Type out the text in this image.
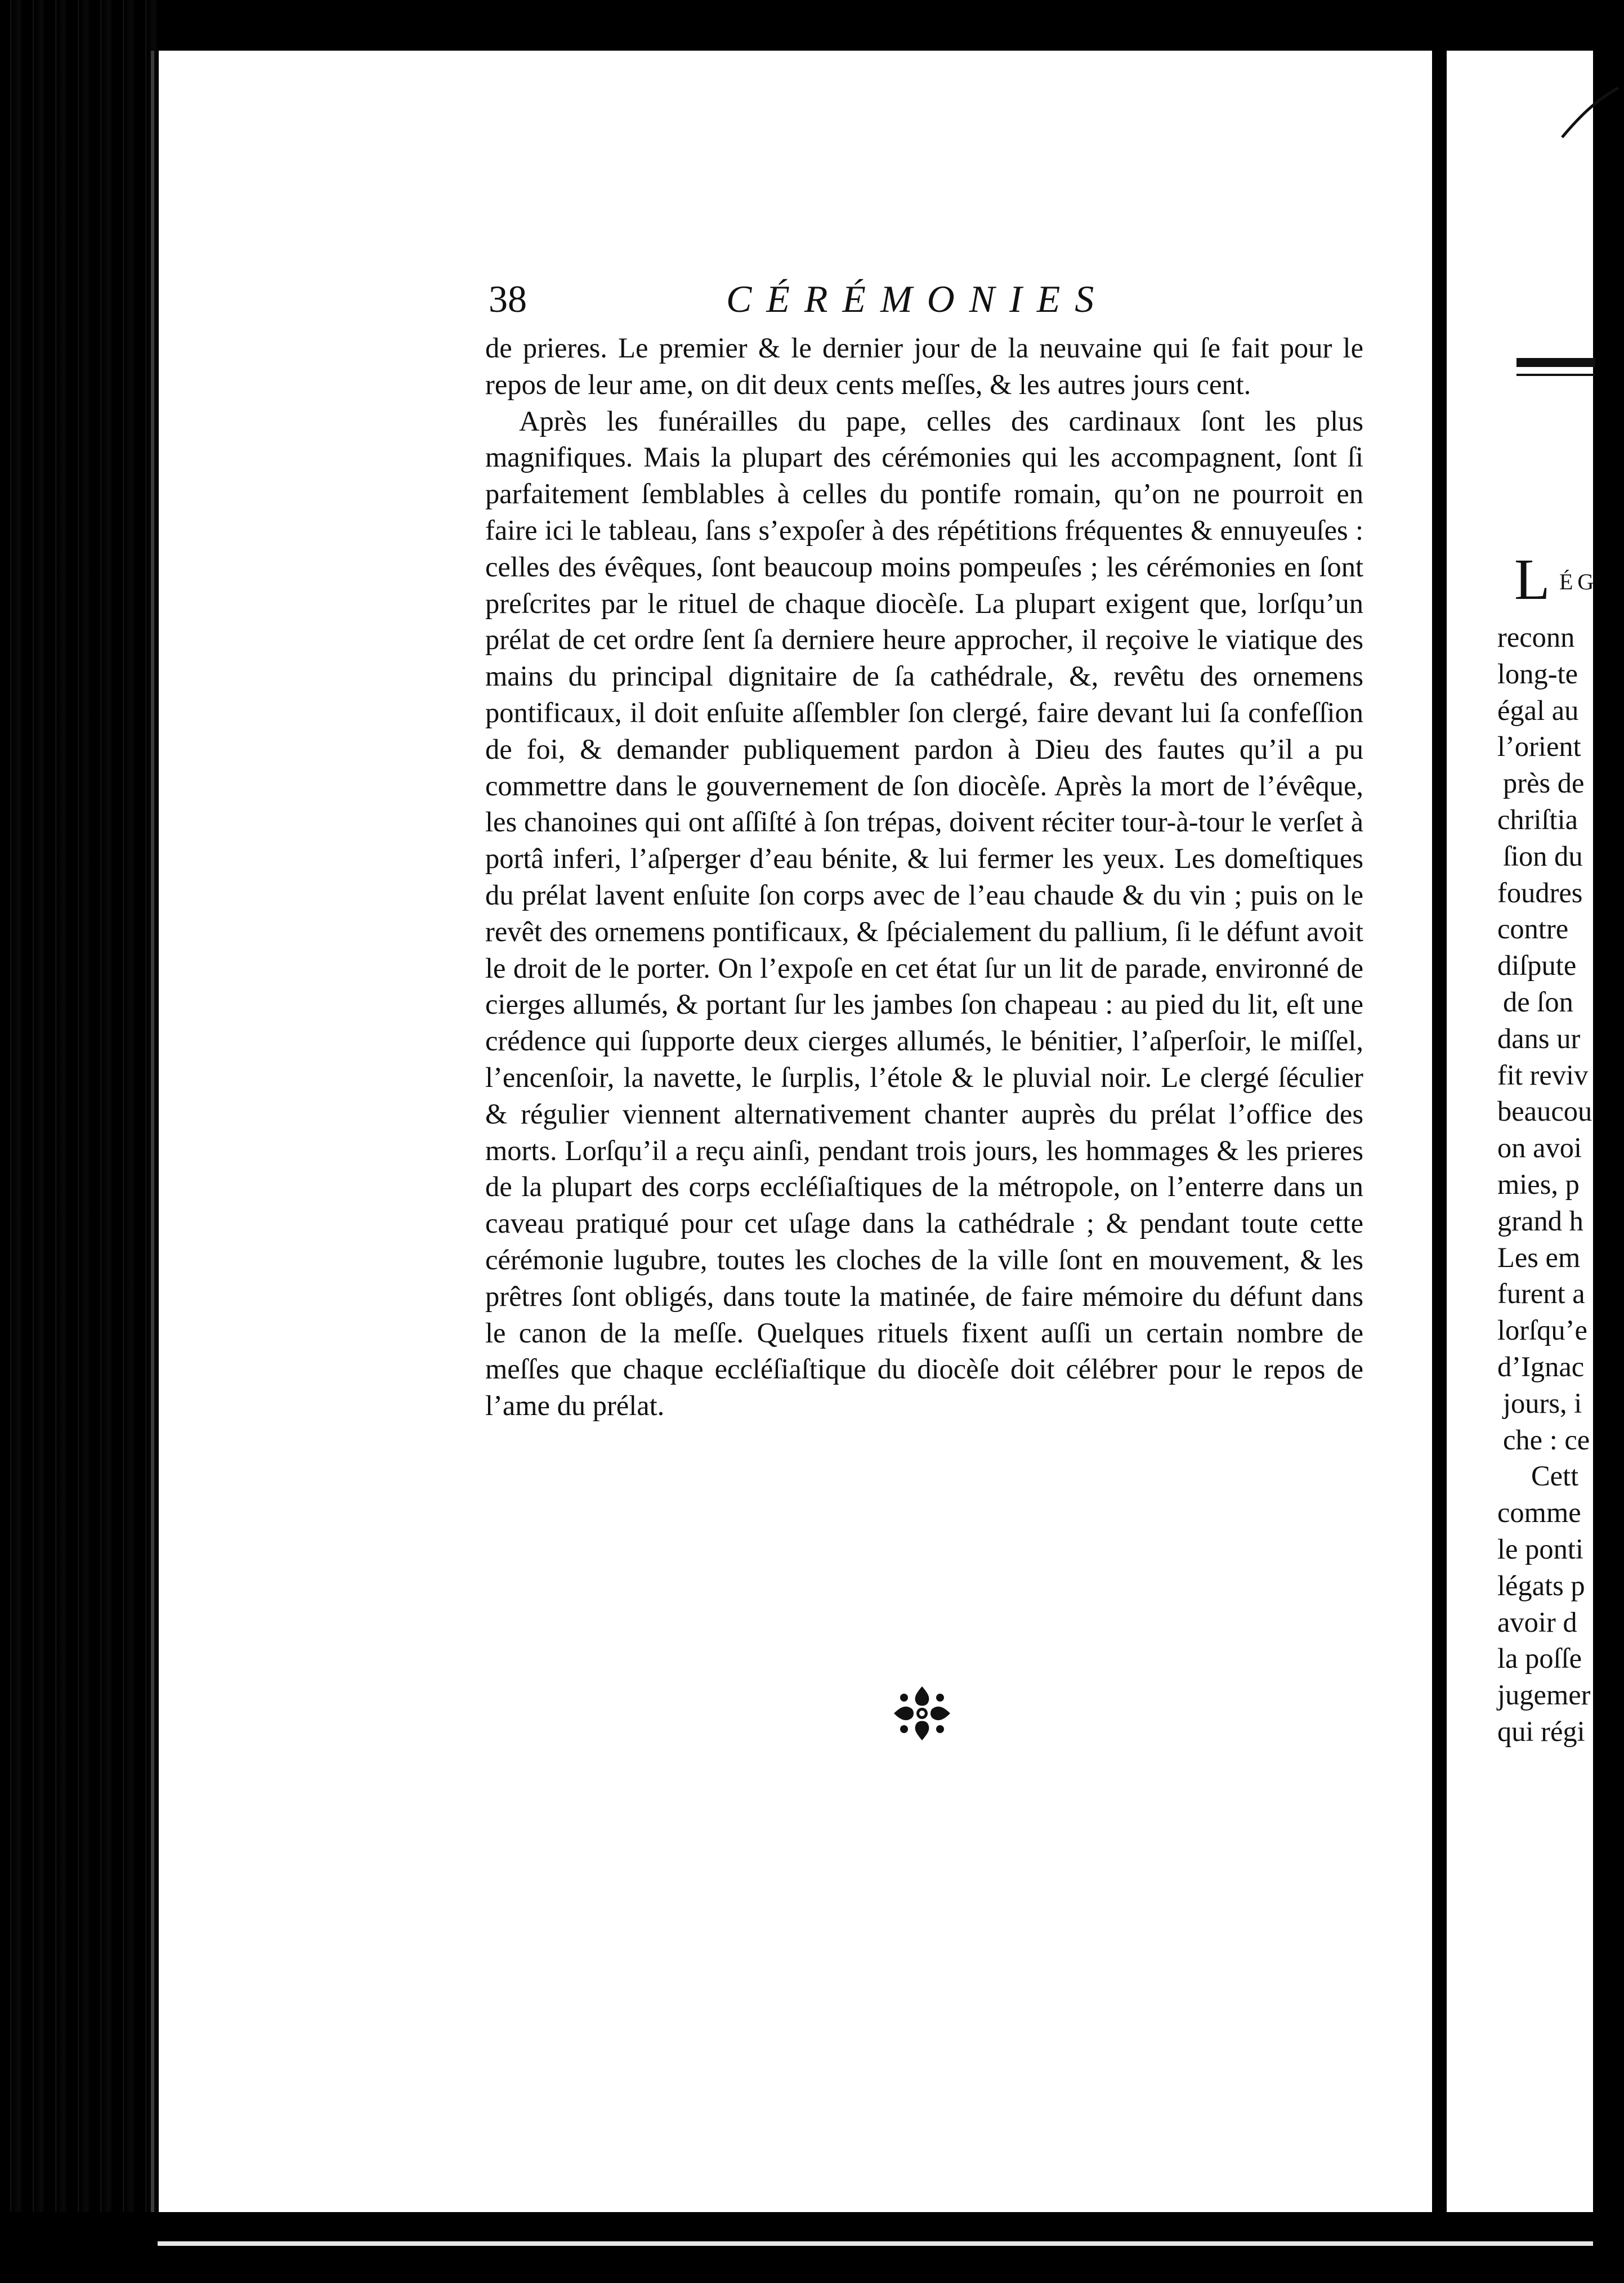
38	CÉRÉMONIES

de prieres. Le premier & le dernier jour de la neuvaine qui ſe fait pour le repos de leur ame, on dit deux cents meſſes, & les autres jours cent.

Après les funérailles du pape, celles des cardinaux ſont les plus magnifiques. Mais la plupart des cérémonies qui les accompagnent, ſont ſi parfaitement ſemblables à celles du pontife romain, qu’on ne pourroit en faire ici le tableau, ſans s’expoſer à des répétitions fréquentes & ennuyeuſes : celles des évêques, ſont beaucoup moins pompeuſes ; les cérémonies en ſont preſcrites par le rituel de chaque diocèſe. La plupart exigent que, lorſqu’un prélat de cet ordre ſent ſa derniere heure approcher, il reçoive le viatique des mains du principal dignitaire de ſa cathédrale, &, revêtu des ornemens pontificaux, il doit enſuite aſſembler ſon clergé, faire devant lui ſa confeſſion de foi, & demander publiquement pardon à Dieu des fautes qu’il a pu commettre dans le gouvernement de ſon diocèſe. Après la mort de l’évêque, les chanoines qui ont aſſiſté à ſon trépas, doivent réciter tour-à-tour le verſet à portâ inferi, l’aſperger d’eau bénite, & lui fermer les yeux. Les domeſtiques du prélat lavent enſuite ſon corps avec de l’eau chaude & du vin ; puis on le revêt des ornemens pontificaux, & ſpécialement du pallium, ſi le défunt avoit le droit de le porter. On l’expoſe en cet état ſur un lit de parade, environné de cierges allumés, & portant ſur les jambes ſon chapeau : au pied du lit, eſt une crédence qui ſupporte deux cierges allumés, le bénitier, l’aſperſoir, le miſſel, l’encenſoir, la navette, le ſurplis, l’étole & le pluvial noir. Le clergé ſéculier & régulier viennent alternativement chanter auprès du prélat l’office des morts. Lorſqu’il a reçu ainſi, pendant trois jours, les hommages & les prieres de la plupart des corps eccléſiaſtiques de la métropole, on l’enterre dans un caveau pratiqué pour cet uſage dans la cathédrale ; & pendant toute cette cérémonie lugubre, toutes les cloches de la ville ſont en mouvement, & les prêtres ſont obligés, dans toute la matinée, de faire mémoire du défunt dans le canon de la meſſe. Quelques rituels fixent auſſi un certain nombre de meſſes que chaque eccléſiaſtique du diocèſe doit célébrer pour le repos de l’ame du prélat.

L ÉG
reconn
long-te
égal au
l’orient
près de
chriſtia
ſion du
foudres
contre
diſpute
de ſon
dans ur
fit reviv
beaucou
on avoi
mies, p
grand h
Les em
furent a
lorſqu’e
d’Ignac
jours, i
che : ce
Cett
comme
le ponti
légats p
avoir d
la poſſe
jugemer
qui régi
